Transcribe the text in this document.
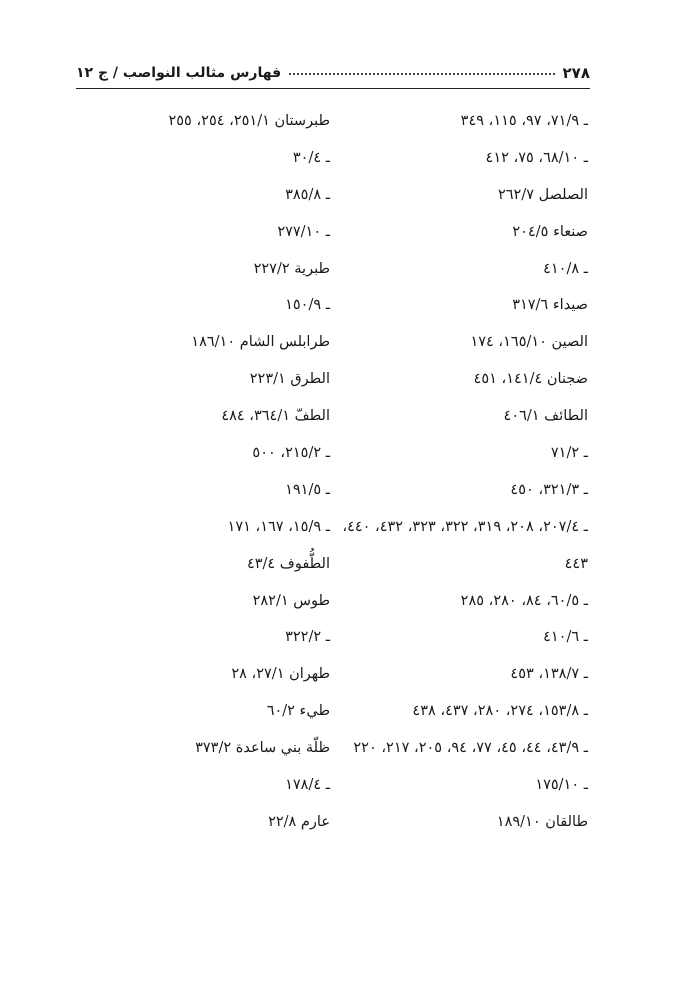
٢٧٨
فهارس مثالب النواصب / ج ١٢
ـ ٧١/٩، ٩٧، ١١٥، ٣٤٩
ـ ٦٨/١٠، ٧٥، ٤١٢
الصلصل ٢٦٢/٧
صنعاء ٢٠٤/٥
ـ ٤١٠/٨
صيداء ٣١٧/٦
الصين ١٦٥/١٠، ١٧٤
ضجنان ١٤١/٤، ٤٥١
الطائف ٤٠٦/١
ـ ٧١/٢
ـ ٣٢١/٣، ٤٥٠
ـ ٢٠٧/٤، ٢٠٨، ٣١٩، ٣٢٢، ٣٢٣، ٤٣٢، ٤٤٠،
٤٤٣
ـ ٦٠/٥، ٨٤، ٢٨٠، ٢٨٥
ـ ٤١٠/٦
ـ ١٣٨/٧، ٤٥٣
ـ ١٥٣/٨، ٢٧٤، ٢٨٠، ٤٣٧، ٤٣٨
ـ ٤٣/٩، ٤٤، ٤٥، ٧٧، ٩٤، ٢٠٥، ٢١٧، ٢٢٠
ـ ١٧٥/١٠
طالقان ١٨٩/١٠
طبرستان ٢٥١/١، ٢٥٤، ٢٥٥
ـ ٣٠/٤
ـ ٣٨٥/٨
ـ ٢٧٧/١٠
طبرية ٢٢٧/٢
ـ ١٥٠/٩
طرابلس الشام ١٨٦/١٠
الطرق ٢٢٣/١
الطفّ ٣٦٤/١، ٤٨٤
ـ ٢١٥/٢، ٥٠٠
ـ ١٩١/٥
ـ ١٥/٩، ١٦٧، ١٧١
الطُّفوف ٤٣/٤
طوس ٢٨٢/١
ـ ٣٢٢/٢
طهران ٢٧/١، ٢٨
طيء ٦٠/٢
ظلّة بني ساعدة ٣٧٣/٢
ـ ١٧٨/٤
عارم ٢٢/٨
